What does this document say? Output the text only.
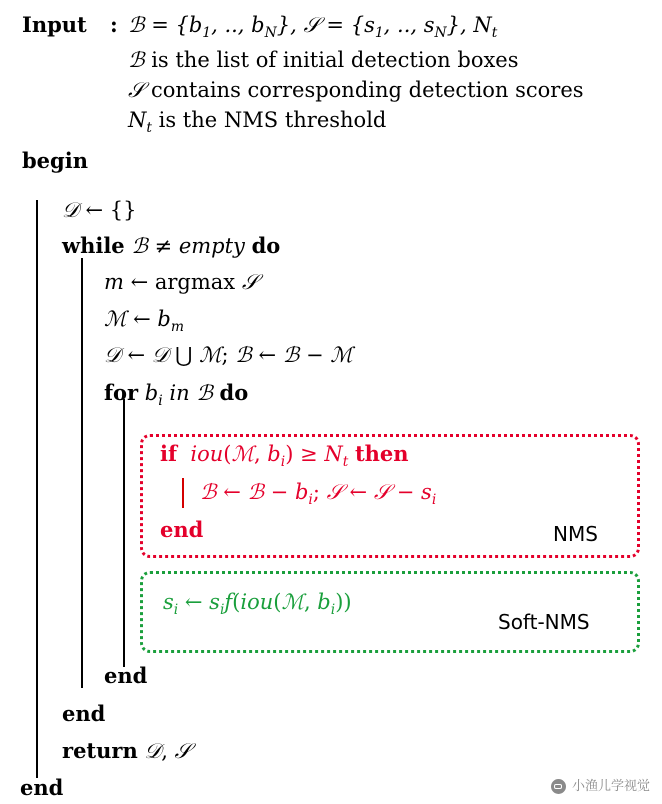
Input	: ℬ = {$b_1$, .., $b_N$}, 𝒮 = {$s_1$, .., $s_N$}, $N_t$
ℬ is the list of initial detection boxes
𝒮 contains corresponding detection scores
$N_t$ is the NMS threshold
begin
𝒟 ← {}
while ℬ ≠ empty do
m ← argmax 𝒮
ℳ ← $b_m$
𝒟 ← 𝒟 ⋃ ℳ; ℬ ← ℬ − ℳ
for $b_i$ in ℬ do
if iou(ℳ, $b_i) \ge N_t$ then
ℬ ← ℬ − $b_i$; 𝒮 ← 𝒮 − $s_i$
end	NMS
$s_i$ ← $s_if(iou(ℳ$, $b_i$))
Soft-NMS
end
end
return 𝒟, 𝒮
end	小渔儿学视觉
